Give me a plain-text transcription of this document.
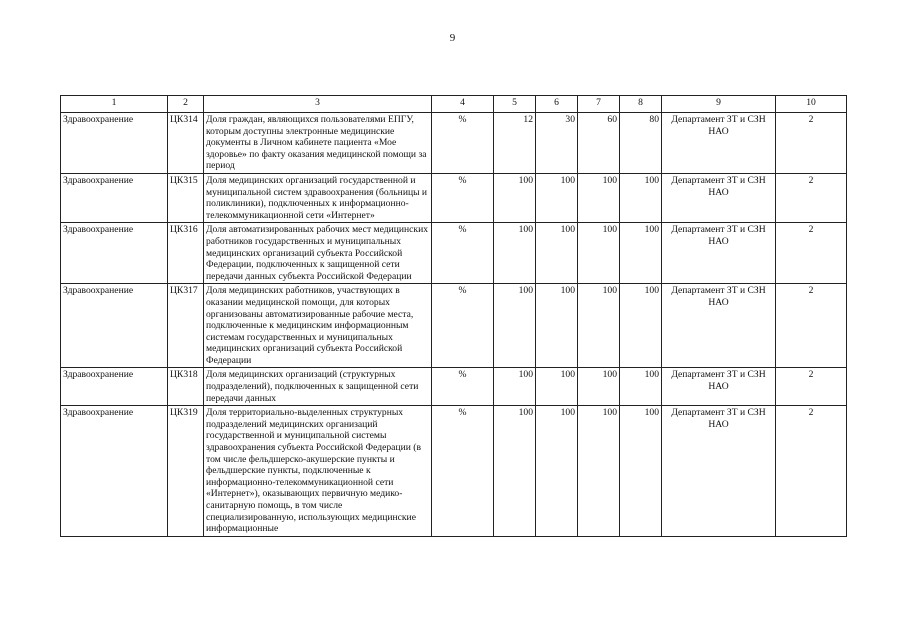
9
1	2	3	4	5	6	7	8	9	10
Здравоохранение	ЦК314	Доля граждан, являющихся пользователями ЕПГУ, которым доступны электронные медицинские документы в Личном кабинете пациента «Мое здоровье» по факту оказания медицинской помощи за период	%	12	30	60	80	Департамент ЗТ и СЗН НАО	2
Здравоохранение	ЦК315	Доля медицинских организаций государственной и муниципальной систем здравоохранения (больницы и поликлиники), подключенных к информационно-телекоммуникационной сети «Интернет»	%	100	100	100	100	Департамент ЗТ и СЗН НАО	2
Здравоохранение	ЦК316	Доля автоматизированных рабочих мест медицинских работников государственных и муниципальных медицинских организаций субъекта Российской Федерации, подключенных к защищенной сети передачи данных субъекта Российской Федерации	%	100	100	100	100	Департамент ЗТ и СЗН НАО	2
Здравоохранение	ЦК317	Доля медицинских работников, участвующих в оказании медицинской помощи, для которых организованы автоматизированные рабочие места, подключенные к медицинским информационным системам государственных и муниципальных медицинских организаций субъекта Российской Федерации	%	100	100	100	100	Департамент ЗТ и СЗН НАО	2
Здравоохранение	ЦК318	Доля медицинских организаций (структурных подразделений), подключенных к защищенной сети передачи данных	%	100	100	100	100	Департамент ЗТ и СЗН НАО	2
Здравоохранение	ЦК319	Доля территориально-выделенных структурных подразделений медицинских организаций государственной и муниципальной системы здравоохранения субъекта Российской Федерации (в том числе фельдшерско-акушерские пункты и фельдшерские пункты, подключенные к информационно-телекоммуникационной сети «Интернет»), оказывающих первичную медико-санитарную помощь, в том числе специализированную, использующих медицинские информационные	%	100	100	100	100	Департамент ЗТ и СЗН НАО	2
